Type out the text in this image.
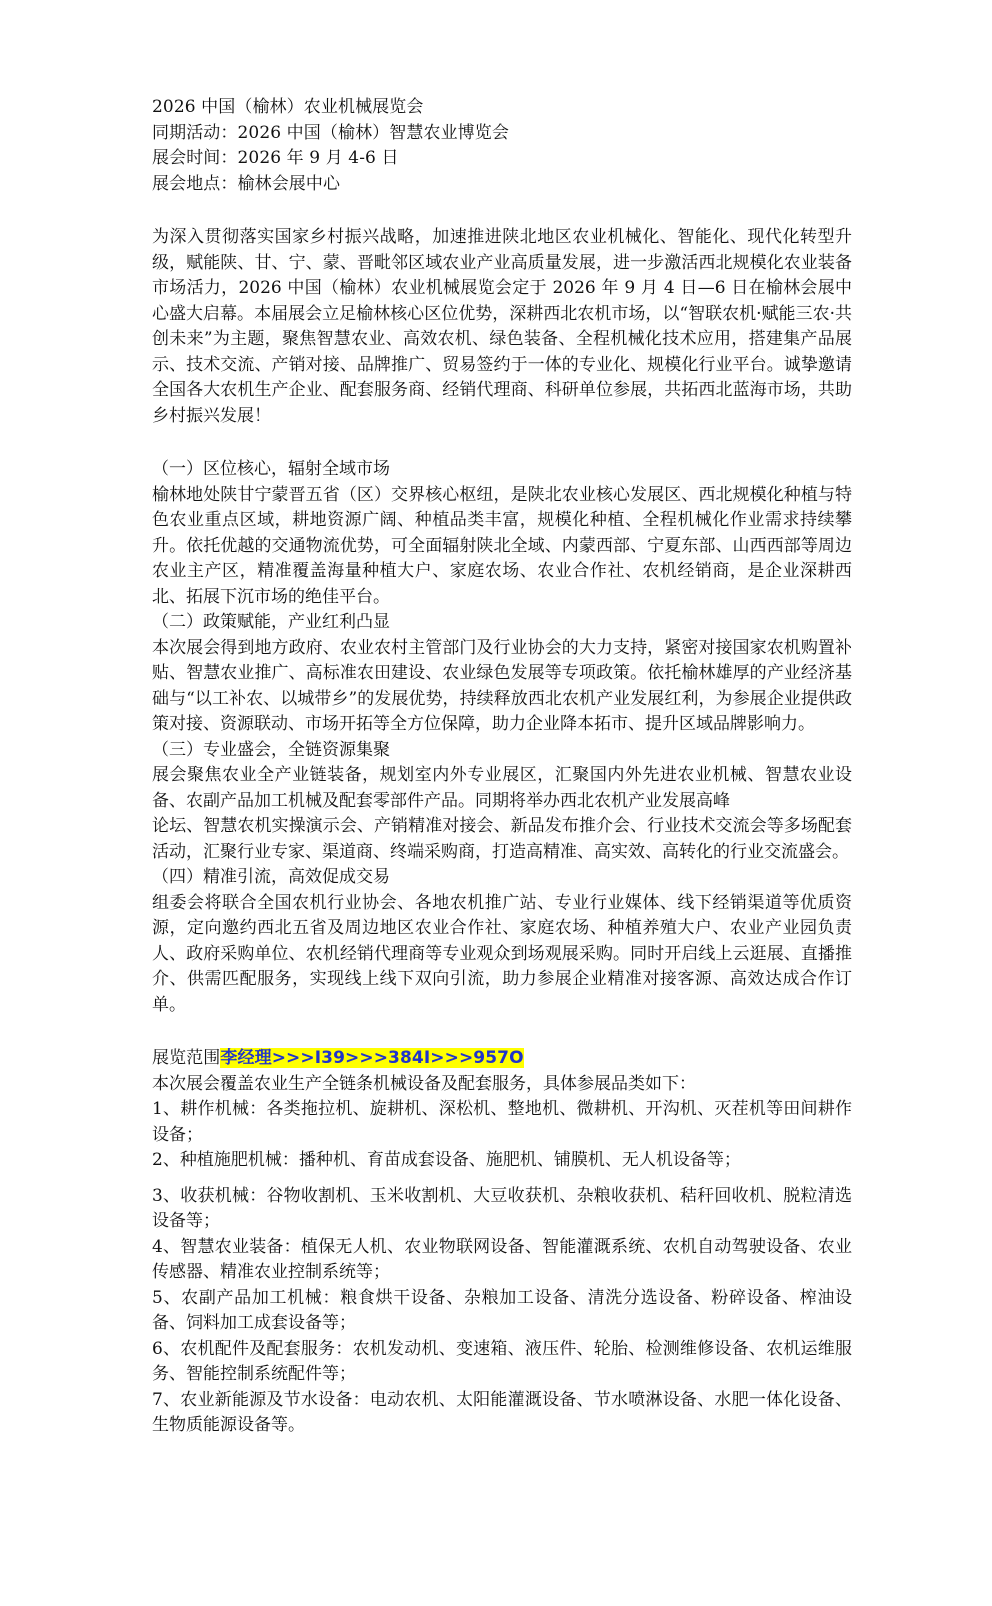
2026 中国（榆林）农业机械展览会

同期活动：2026 中国（榆林）智慧农业博览会

展会时间：2026 年 9 月 4-6 日

展会地点：榆林会展中心

为深入贯彻落实国家乡村振兴战略，加速推进陕北地区农业机械化、智能化、现代化转型升级，赋能陕、甘、宁、蒙、晋毗邻区域农业产业高质量发展，进一步激活西北规模化农业装备市场活力，2026 中国（榆林）农业机械展览会定于 2026 年 9 月 4 日—6 日在榆林会展中心盛大启幕。本届展会立足榆林核心区位优势，深耕西北农机市场，以“智联农机·赋能三农·共创未来”为主题，聚焦智慧农业、高效农机、绿色装备、全程机械化技术应用，搭建集产品展示、技术交流、产销对接、品牌推广、贸易签约于一体的专业化、规模化行业平台。诚挚邀请全国各大农机生产企业、配套服务商、经销代理商、科研单位参展，共拓西北蓝海市场，共助乡村振兴发展！

（一）区位核心，辐射全域市场

榆林地处陕甘宁蒙晋五省（区）交界核心枢纽，是陕北农业核心发展区、西北规模化种植与特色农业重点区域，耕地资源广阔、种植品类丰富，规模化种植、全程机械化作业需求持续攀升。依托优越的交通物流优势，可全面辐射陕北全域、内蒙西部、宁夏东部、山西西部等周边农业主产区，精准覆盖海量种植大户、家庭农场、农业合作社、农机经销商，是企业深耕西北、拓展下沉市场的绝佳平台。

（二）政策赋能，产业红利凸显

本次展会得到地方政府、农业农村主管部门及行业协会的大力支持，紧密对接国家农机购置补贴、智慧农业推广、高标准农田建设、农业绿色发展等专项政策。依托榆林雄厚的产业经济基础与“以工补农、以城带乡”的发展优势，持续释放西北农机产业发展红利，为参展企业提供政策对接、资源联动、市场开拓等全方位保障，助力企业降本拓市、提升区域品牌影响力。

（三）专业盛会，全链资源集聚

展会聚焦农业全产业链装备，规划室内外专业展区，汇聚国内外先进农业机械、智慧农业设备、农副产品加工机械及配套零部件产品。同期将举办西北农机产业发展高峰

论坛、智慧农机实操演示会、产销精准对接会、新品发布推介会、行业技术交流会等多场配套活动，汇聚行业专家、渠道商、终端采购商，打造高精准、高实效、高转化的行业交流盛会。

（四）精准引流，高效促成交易

组委会将联合全国农机行业协会、各地农机推广站、专业行业媒体、线下经销渠道等优质资源，定向邀约西北五省及周边地区农业合作社、家庭农场、种植养殖大户、农业产业园负责人、政府采购单位、农机经销代理商等专业观众到场观展采购。同时开启线上云逛展、直播推介、供需匹配服务，实现线上线下双向引流，助力参展企业精准对接客源、高效达成合作订单。

展览范围李经理>>>I39>>>384I>>>957O

本次展会覆盖农业生产全链条机械设备及配套服务，具体参展品类如下：

1、耕作机械：各类拖拉机、旋耕机、深松机、整地机、微耕机、开沟机、灭茬机等田间耕作设备；

2、种植施肥机械：播种机、育苗成套设备、施肥机、铺膜机、无人机设备等；

3、收获机械：谷物收割机、玉米收割机、大豆收获机、杂粮收获机、秸秆回收机、脱粒清选设备等；

4、智慧农业装备：植保无人机、农业物联网设备、智能灌溉系统、农机自动驾驶设备、农业传感器、精准农业控制系统等；

5、农副产品加工机械：粮食烘干设备、杂粮加工设备、清洗分选设备、粉碎设备、榨油设备、饲料加工成套设备等；

6、农机配件及配套服务：农机发动机、变速箱、液压件、轮胎、检测维修设备、农机运维服务、智能控制系统配件等；

7、农业新能源及节水设备：电动农机、太阳能灌溉设备、节水喷淋设备、水肥一体化设备、生物质能源设备等。
